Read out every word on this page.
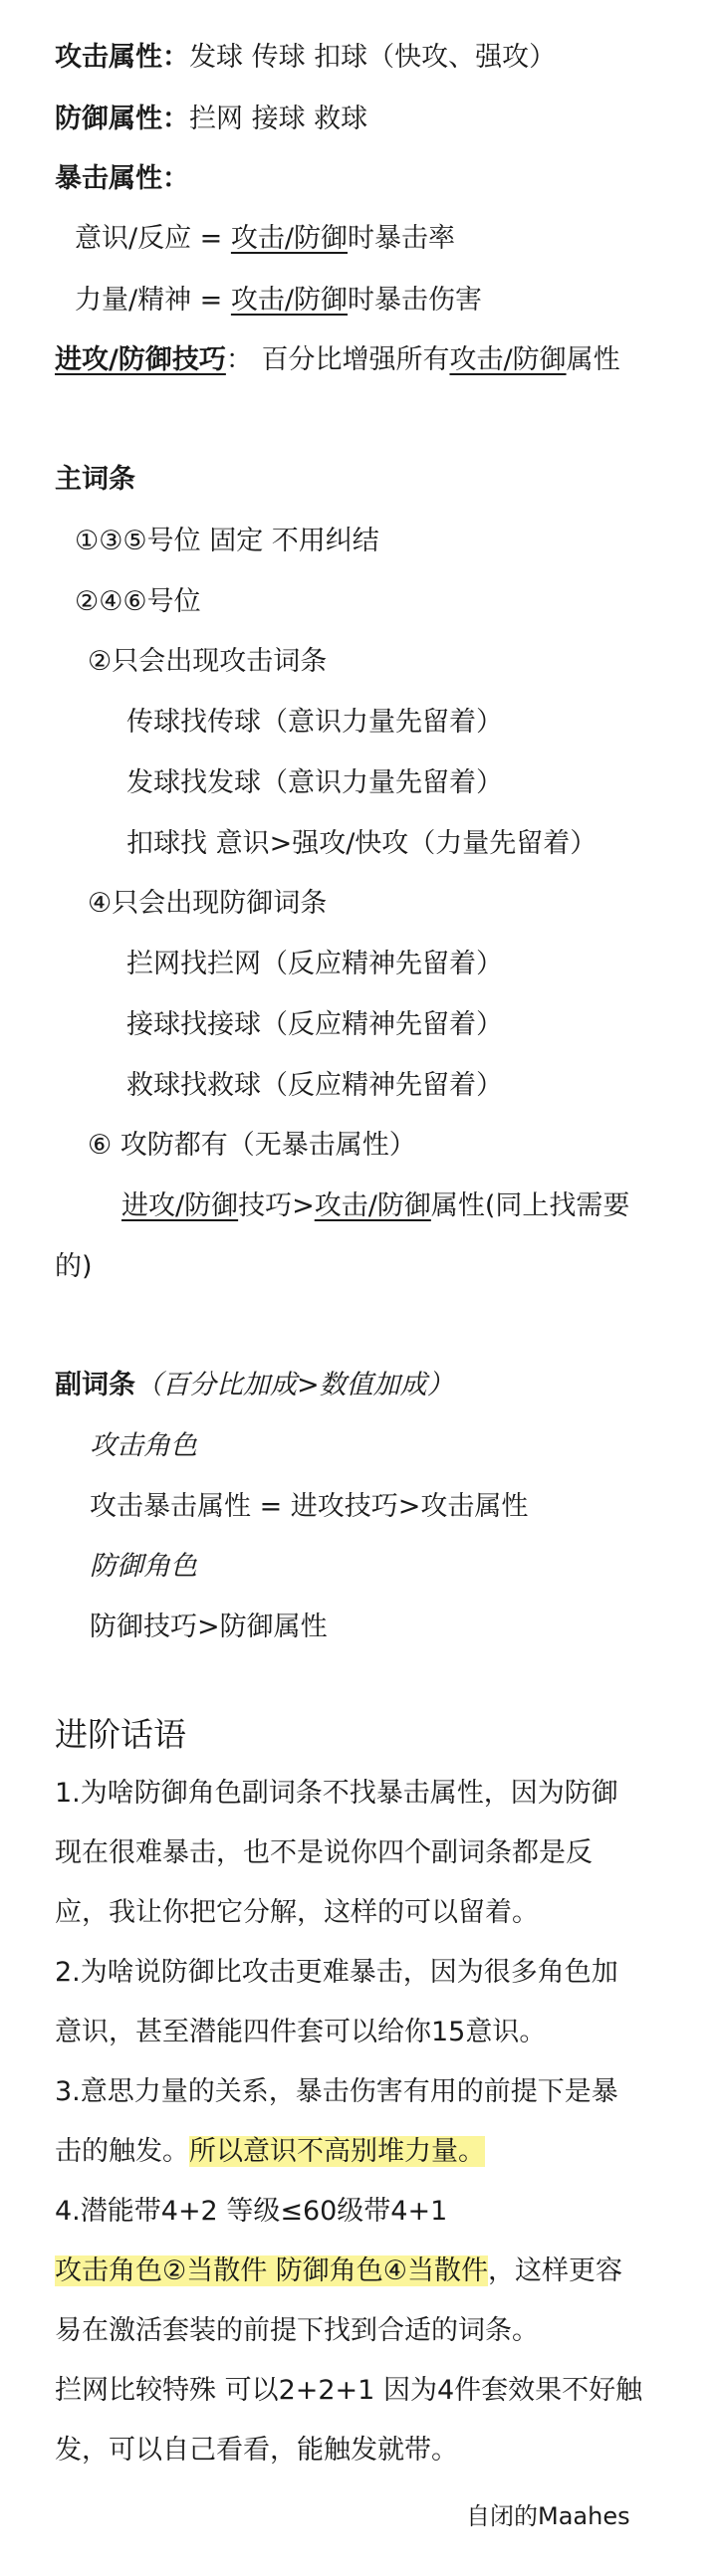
攻击属性：发球 传球 扣球（快攻、强攻）
防御属性：拦网 接球 救球
暴击属性：
意识/反应 = 攻击/防御时暴击率
力量/精神 = 攻击/防御时暴击伤害
进攻/防御技巧： 百分比增强所有攻击/防御属性
主词条
①③⑤号位 固定 不用纠结
②④⑥号位
②只会出现攻击词条
传球找传球（意识力量先留着）
发球找发球（意识力量先留着）
扣球找 意识>强攻/快攻（力量先留着）
④只会出现防御词条
拦网找拦网（反应精神先留着）
接球找接球（反应精神先留着）
救球找救球（反应精神先留着）
⑥ 攻防都有（无暴击属性）
进攻/防御技巧>攻击/防御属性(同上找需要
的)
副词条（百分比加成>数值加成）
攻击角色
攻击暴击属性 = 进攻技巧>攻击属性
防御角色
防御技巧>防御属性
进阶话语
1.为啥防御角色副词条不找暴击属性，因为防御
现在很难暴击，也不是说你四个副词条都是反
应，我让你把它分解，这样的可以留着。
2.为啥说防御比攻击更难暴击，因为很多角色加
意识，甚至潜能四件套可以给你15意识。
3.意思力量的关系，暴击伤害有用的前提下是暴
击的触发。所以意识不高别堆力量。
4.潜能带4+2 等级≤60级带4+1
攻击角色②当散件 防御角色④当散件，这样更容
易在激活套装的前提下找到合适的词条。
拦网比较特殊 可以2+2+1 因为4件套效果不好触
发，可以自己看看，能触发就带。
自闭的Maahes
